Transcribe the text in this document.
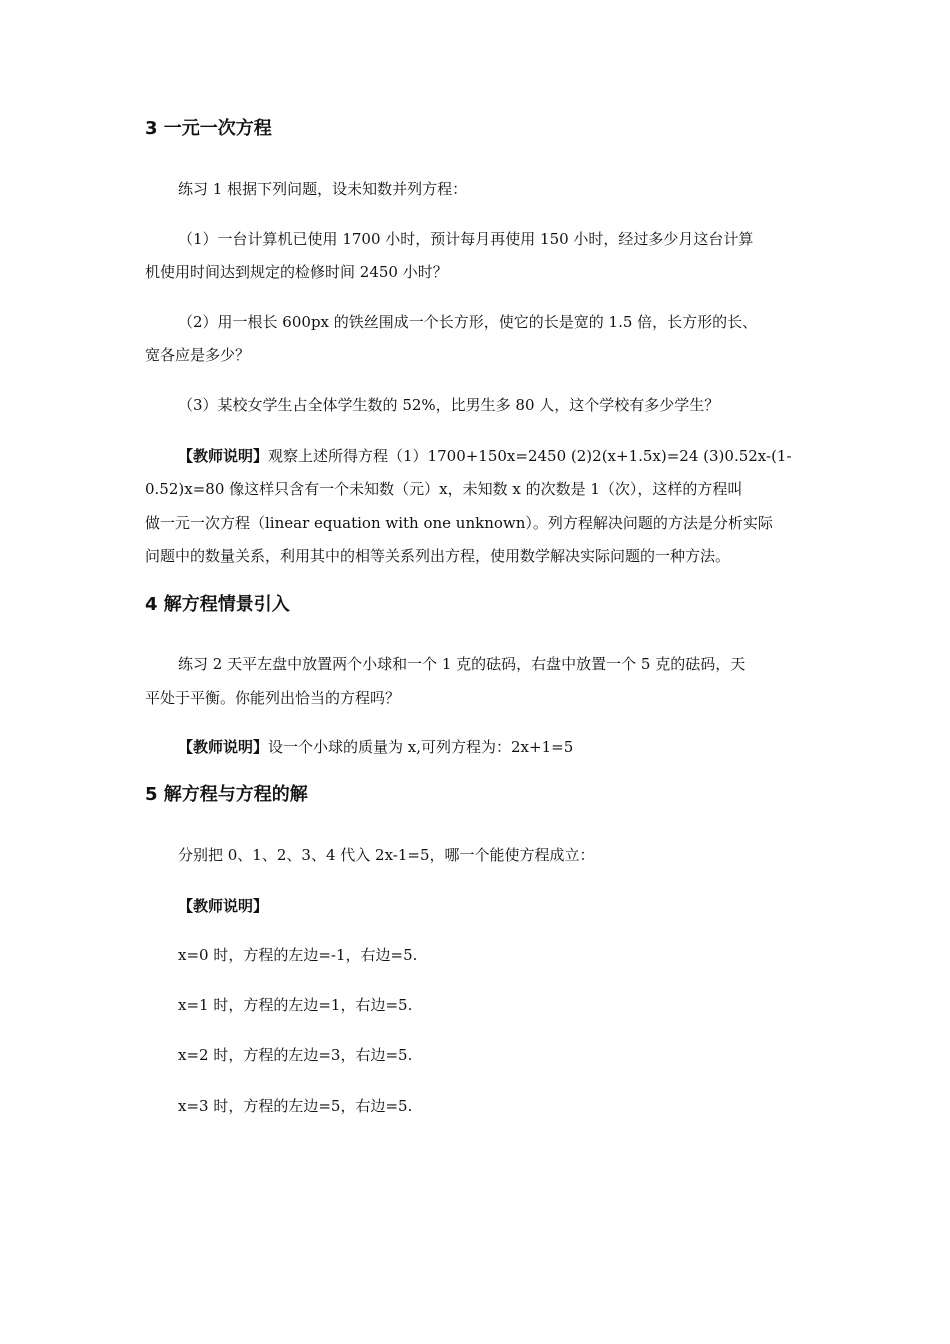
3 一元一次方程
练习 1 根据下列问题，设未知数并列方程：
（1）一台计算机已使用 1700 小时，预计每月再使用 150 小时，经过多少月这台计算
机使用时间达到规定的检修时间 2450 小时？
（2）用一根长 600px 的铁丝围成一个长方形，使它的长是宽的 1.5 倍，长方形的长、
宽各应是多少？
（3）某校女学生占全体学生数的 52%，比男生多 80 人，这个学校有多少学生？
【教师说明】观察上述所得方程（1）1700+150x=2450 (2)2(x+1.5x)=24 (3)0.52x-(1-
0.52)x=80 像这样只含有一个未知数（元）x，未知数 x 的次数是 1（次），这样的方程叫
做一元一次方程（linear equation with one unknown）。列方程解决问题的方法是分析实际
问题中的数量关系，利用其中的相等关系列出方程，使用数学解决实际问题的一种方法。
4 解方程情景引入
练习 2 天平左盘中放置两个小球和一个 1 克的砝码，右盘中放置一个 5 克的砝码，天
平处于平衡。你能列出恰当的方程吗？
【教师说明】设一个小球的质量为 x,可列方程为：2x+1=5
5 解方程与方程的解
分别把 0、1、2、3、4 代入 2x-1=5，哪一个能使方程成立：
【教师说明】
x=0 时，方程的左边=-1，右边=5.
x=1 时，方程的左边=1，右边=5.
x=2 时，方程的左边=3，右边=5.
x=3 时，方程的左边=5，右边=5.
